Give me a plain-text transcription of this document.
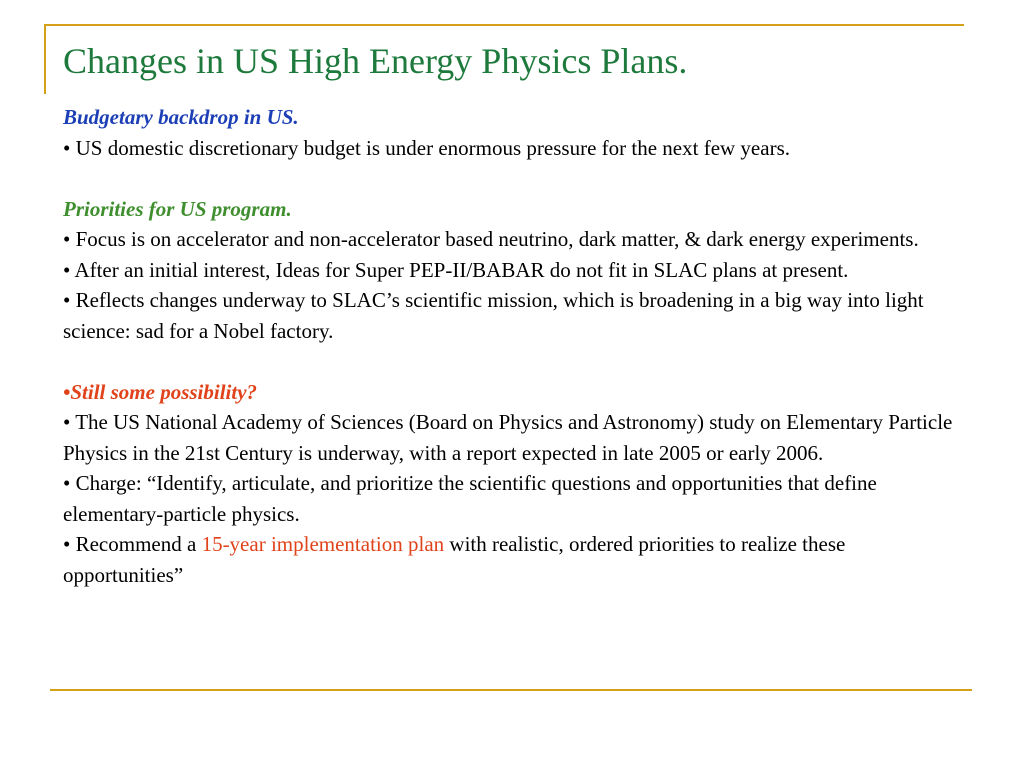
Changes in US High Energy Physics Plans.

Budgetary backdrop in US.

• US domestic discretionary budget is under enormous pressure for the next few years.

Priorities for US program.

• Focus is on accelerator and non-accelerator based neutrino, dark matter, & dark energy experiments.

• After an initial interest, Ideas for Super PEP-II/BABAR do not fit in SLAC plans at present.

• Reflects changes underway to SLAC’s scientific mission, which is broadening in a big way into light science: sad for a Nobel factory.

•Still some possibility?

• The US National Academy of Sciences (Board on Physics and Astronomy) study on Elementary Particle Physics in the 21st Century is underway, with a report expected in late 2005 or early 2006.

• Charge: “Identify, articulate, and prioritize the scientific questions and opportunities that define elementary-particle physics.

• Recommend a 15-year implementation plan with realistic, ordered priorities to realize these opportunities”
